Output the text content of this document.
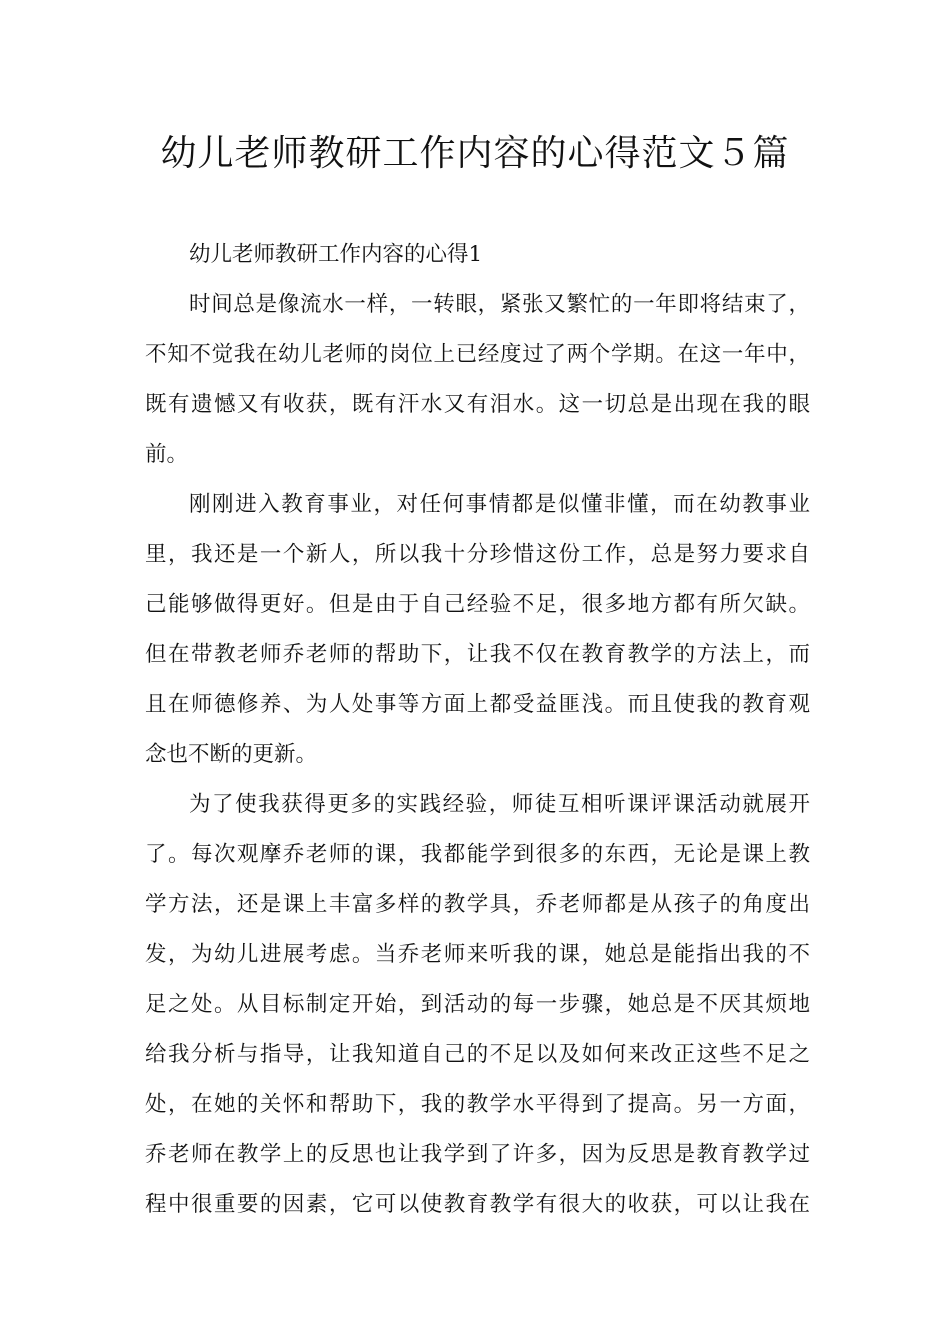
幼儿老师教研工作内容的心得范文５篇
幼儿老师教研工作内容的心得1
时间总是像流水一样，一转眼，紧张又繁忙的一年即将结束了，
不知不觉我在幼儿老师的岗位上已经度过了两个学期。在这一年中，
既有遗憾又有收获，既有汗水又有泪水。这一切总是出现在我的眼
前。
刚刚进入教育事业，对任何事情都是似懂非懂，而在幼教事业
里，我还是一个新人，所以我十分珍惜这份工作，总是努力要求自
己能够做得更好。但是由于自己经验不足，很多地方都有所欠缺。
但在带教老师乔老师的帮助下，让我不仅在教育教学的方法上，而
且在师德修养、为人处事等方面上都受益匪浅。而且使我的教育观
念也不断的更新。
为了使我获得更多的实践经验，师徒互相听课评课活动就展开
了。每次观摩乔老师的课，我都能学到很多的东西，无论是课上教
学方法，还是课上丰富多样的教学具，乔老师都是从孩子的角度出
发，为幼儿进展考虑。当乔老师来听我的课，她总是能指出我的不
足之处。从目标制定开始，到活动的每一步骤，她总是不厌其烦地
给我分析与指导，让我知道自己的不足以及如何来改正这些不足之
处，在她的关怀和帮助下，我的教学水平得到了提高。另一方面，
乔老师在教学上的反思也让我学到了许多，因为反思是教育教学过
程中很重要的因素，它可以使教育教学有很大的收获，可以让我在
